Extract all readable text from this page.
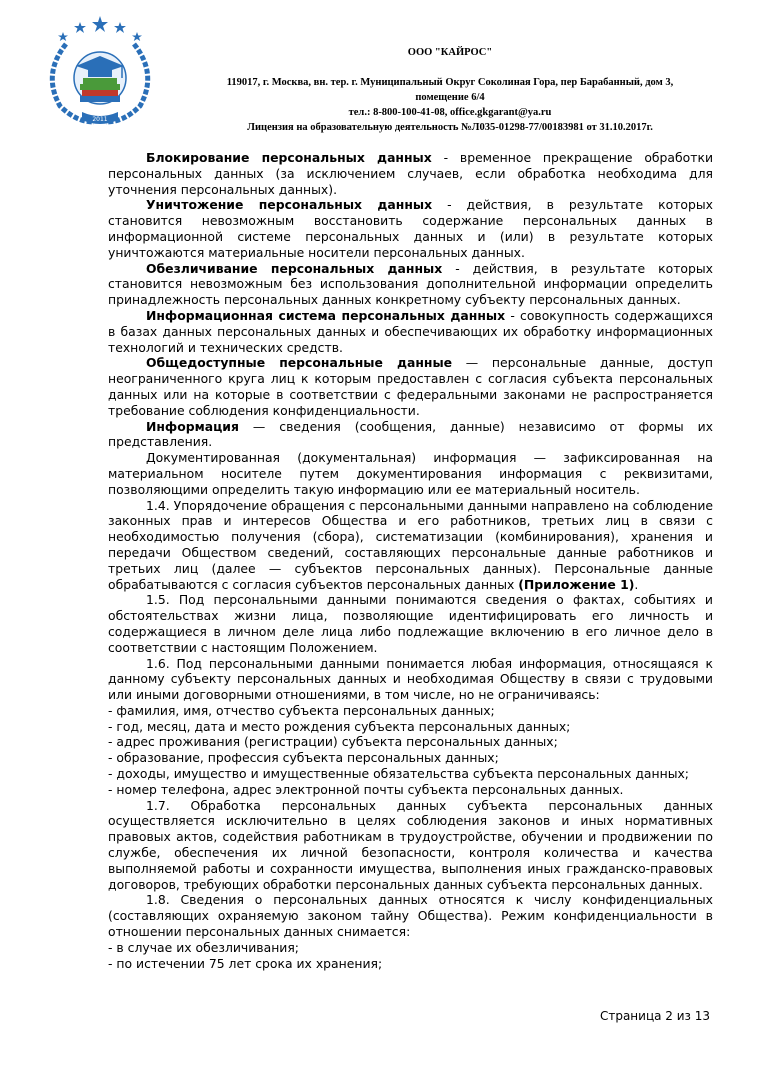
2011
ООО "КАЙРОС"
119017, г. Москва, вн. тер. г. Муниципальный Округ Соколиная Гора, пер Барабанный, дом 3,
помещение 6/4
тел.: 8-800-100-41-08, office.gkgarant@ya.ru
Лицензия на образовательную деятельность №Л035-01298-77/00183981 от 31.10.2017г.

Блокирование персональных данных - временное прекращение обработки персональных данных (за исключением случаев, если обработка необходима для уточнения персональных данных).

Уничтожение персональных данных - действия, в результате которых становится невозможным восстановить содержание персональных данных в информационной системе персональных данных и (или) в результате которых уничтожаются материальные носители персональных данных.

Обезличивание персональных данных - действия, в результате которых становится невозможным без использования дополнительной информации определить принадлежность персональных данных конкретному субъекту персональных данных.

Информационная система персональных данных - совокупность содержащихся в базах данных персональных данных и обеспечивающих их обработку информационных технологий и технических средств.

Общедоступные персональные данные — персональные данные, доступ неограниченного круга лиц к которым предоставлен с согласия субъекта персональных данных или на которые в соответствии с федеральными законами не распространяется требование соблюдения конфиденциальности.

Информация — сведения (сообщения, данные) независимо от формы их представления.

Документированная (документальная) информация — зафиксированная на материальном носителе путем документирования информация с реквизитами, позволяющими определить такую информацию или ее материальный носитель.

1.4. Упорядочение обращения с персональными данными направлено на соблюдение законных прав и интересов Общества и его работников, третьих лиц в связи с необходимостью получения (сбора), систематизации (комбинирования), хранения и передачи Обществом сведений, составляющих персональные данные работников и третьих лиц (далее — субъектов персональных данных). Персональные данные обрабатываются с согласия субъектов персональных данных (Приложение 1).

1.5. Под персональными данными понимаются сведения о фактах, событиях и обстоятельствах жизни лица, позволяющие идентифицировать его личность и содержащиеся в личном деле лица либо подлежащие включению в его личное дело в соответствии с настоящим Положением.

1.6. Под персональными данными понимается любая информация, относящаяся к данному субъекту персональных данных и необходимая Обществу в связи с трудовыми или иными договорными отношениями, в том числе, но не ограничиваясь:

- фамилия, имя, отчество субъекта персональных данных;

- год, месяц, дата и место рождения субъекта персональных данных;

- адрес проживания (регистрации) субъекта персональных данных;

- образование, профессия субъекта персональных данных;

- доходы, имущество и имущественные обязательства субъекта персональных данных;

- номер телефона, адрес электронной почты субъекта персональных данных.

1.7. Обработка персональных данных субъекта персональных данных осуществляется исключительно в целях соблюдения законов и иных нормативных правовых актов, содействия работникам в трудоустройстве, обучении и продвижении по службе, обеспечения их личной безопасности, контроля количества и качества выполняемой работы и сохранности имущества, выполнения иных гражданско-правовых договоров, требующих обработки персональных данных субъекта персональных данных.

1.8. Сведения о персональных данных относятся к числу конфиденциальных (составляющих охраняемую законом тайну Общества). Режим конфиденциальности в отношении персональных данных снимается:

- в случае их обезличивания;

- по истечении 75 лет срока их хранения;

Страница 2 из 13
